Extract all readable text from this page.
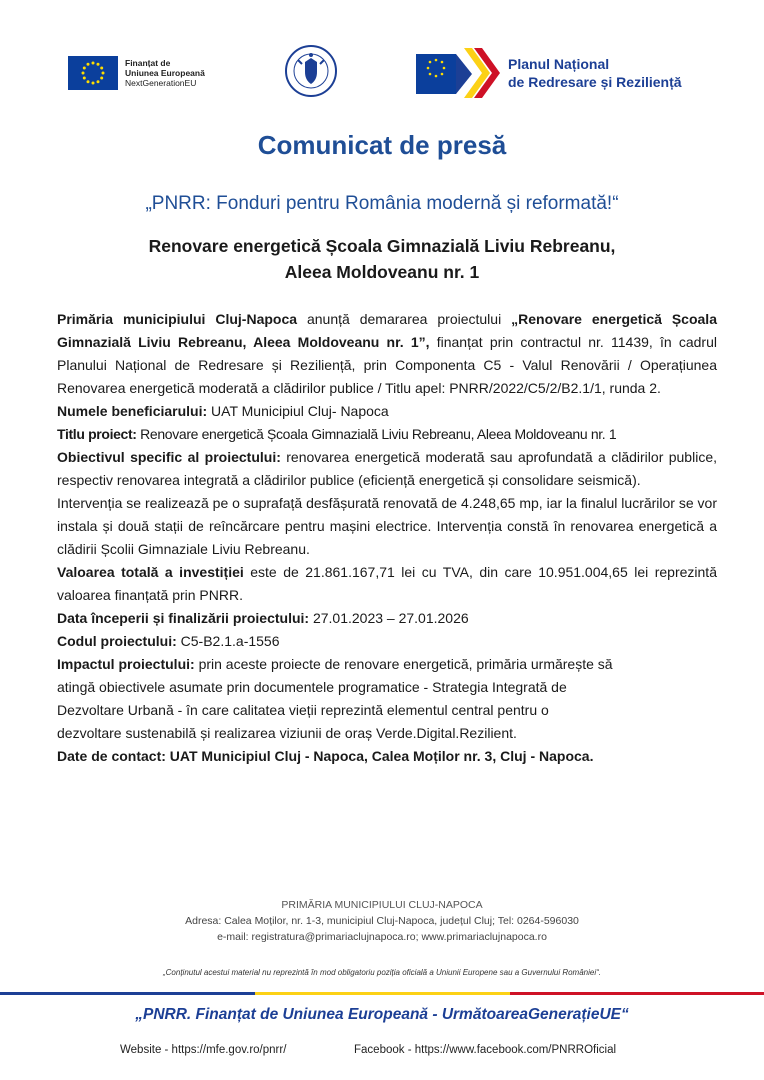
Finanțat de
Uniunea Europeană
NextGenerationEU
Planul Național
de Redresare și Reziliență
Comunicat de presă
„PNRR: Fonduri pentru România modernă și reformată!“
Renovare energetică Școala Gimnazială Liviu Rebreanu,
Aleea Moldoveanu nr. 1

Primăria municipiului Cluj-Napoca anunță demararea proiectului „Renovare energetică Școala Gimnazială Liviu Rebreanu, Aleea Moldoveanu nr. 1”, finanțat prin contractul nr. 11439, în cadrul Planului Național de Redresare și Reziliență, prin Componenta C5 - Valul Renovării / Operațiunea Renovarea energetică moderată a clădirilor publice / Titlu apel: PNRR/2022/C5/2/B2.1/1, runda 2.

Numele beneficiarului: UAT Municipiul Cluj- Napoca

Titlu proiect: Renovare energetică Școala Gimnazială Liviu Rebreanu, Aleea Moldoveanu nr. 1

Obiectivul specific al proiectului: renovarea energetică moderată sau aprofundată a clădirilor publice, respectiv renovarea integrată a clădirilor publice (eficiență energetică și consolidare seismică).

Intervenția se realizează pe o suprafață desfășurată renovată de 4.248,65 mp, iar la finalul lucrărilor se vor instala și două stații de reîncărcare pentru mașini electrice. Intervenția constă în renovarea energetică a clădirii Școlii Gimnaziale Liviu Rebreanu.

Valoarea totală a investiției este de 21.861.167,71 lei cu TVA, din care 10.951.004,65 lei reprezintă valoarea finanțată prin PNRR.

Data începerii și finalizării proiectului: 27.01.2023 – 27.01.2026

Codul proiectului: C5-B2.1.a-1556

Impactul proiectului: prin aceste proiecte de renovare energetică, primăria urmărește să
atingă obiectivele asumate prin documentele programatice - Strategia Integrată de
Dezvoltare Urbană - în care calitatea vieții reprezintă elementul central pentru o
dezvoltare sustenabilă și realizarea viziunii de oraș Verde.Digital.Rezilient.

Date de contact: UAT Municipiul Cluj - Napoca, Calea Moților nr. 3, Cluj - Napoca.

PRIMĂRIA MUNICIPIULUI CLUJ-NAPOCA
Adresa: Calea Moților, nr. 1-3, municipiul Cluj-Napoca, județul Cluj; Tel: 0264-596030
e-mail: registratura@primariaclujnapoca.ro; www.primariaclujnapoca.ro
„Conținutul acestui material nu reprezintă în mod obligatoriu poziția oficială a Uniunii Europene sau a Guvernului României“.
„PNRR. Finanțat de Uniunea Europeană - UrmătoareaGenerațieUE“
Website - https://mfe.gov.ro/pnrr/	Facebook - https://www.facebook.com/PNRROficial
